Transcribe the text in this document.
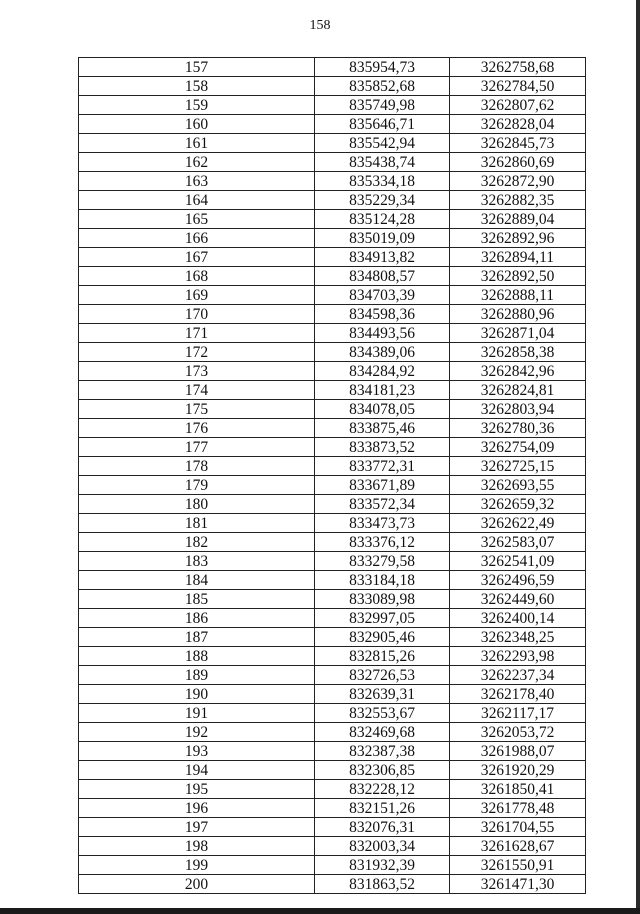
158
157	835954,73	3262758,68
158	835852,68	3262784,50
159	835749,98	3262807,62
160	835646,71	3262828,04
161	835542,94	3262845,73
162	835438,74	3262860,69
163	835334,18	3262872,90
164	835229,34	3262882,35
165	835124,28	3262889,04
166	835019,09	3262892,96
167	834913,82	3262894,11
168	834808,57	3262892,50
169	834703,39	3262888,11
170	834598,36	3262880,96
171	834493,56	3262871,04
172	834389,06	3262858,38
173	834284,92	3262842,96
174	834181,23	3262824,81
175	834078,05	3262803,94
176	833875,46	3262780,36
177	833873,52	3262754,09
178	833772,31	3262725,15
179	833671,89	3262693,55
180	833572,34	3262659,32
181	833473,73	3262622,49
182	833376,12	3262583,07
183	833279,58	3262541,09
184	833184,18	3262496,59
185	833089,98	3262449,60
186	832997,05	3262400,14
187	832905,46	3262348,25
188	832815,26	3262293,98
189	832726,53	3262237,34
190	832639,31	3262178,40
191	832553,67	3262117,17
192	832469,68	3262053,72
193	832387,38	3261988,07
194	832306,85	3261920,29
195	832228,12	3261850,41
196	832151,26	3261778,48
197	832076,31	3261704,55
198	832003,34	3261628,67
199	831932,39	3261550,91
200	831863,52	3261471,30
